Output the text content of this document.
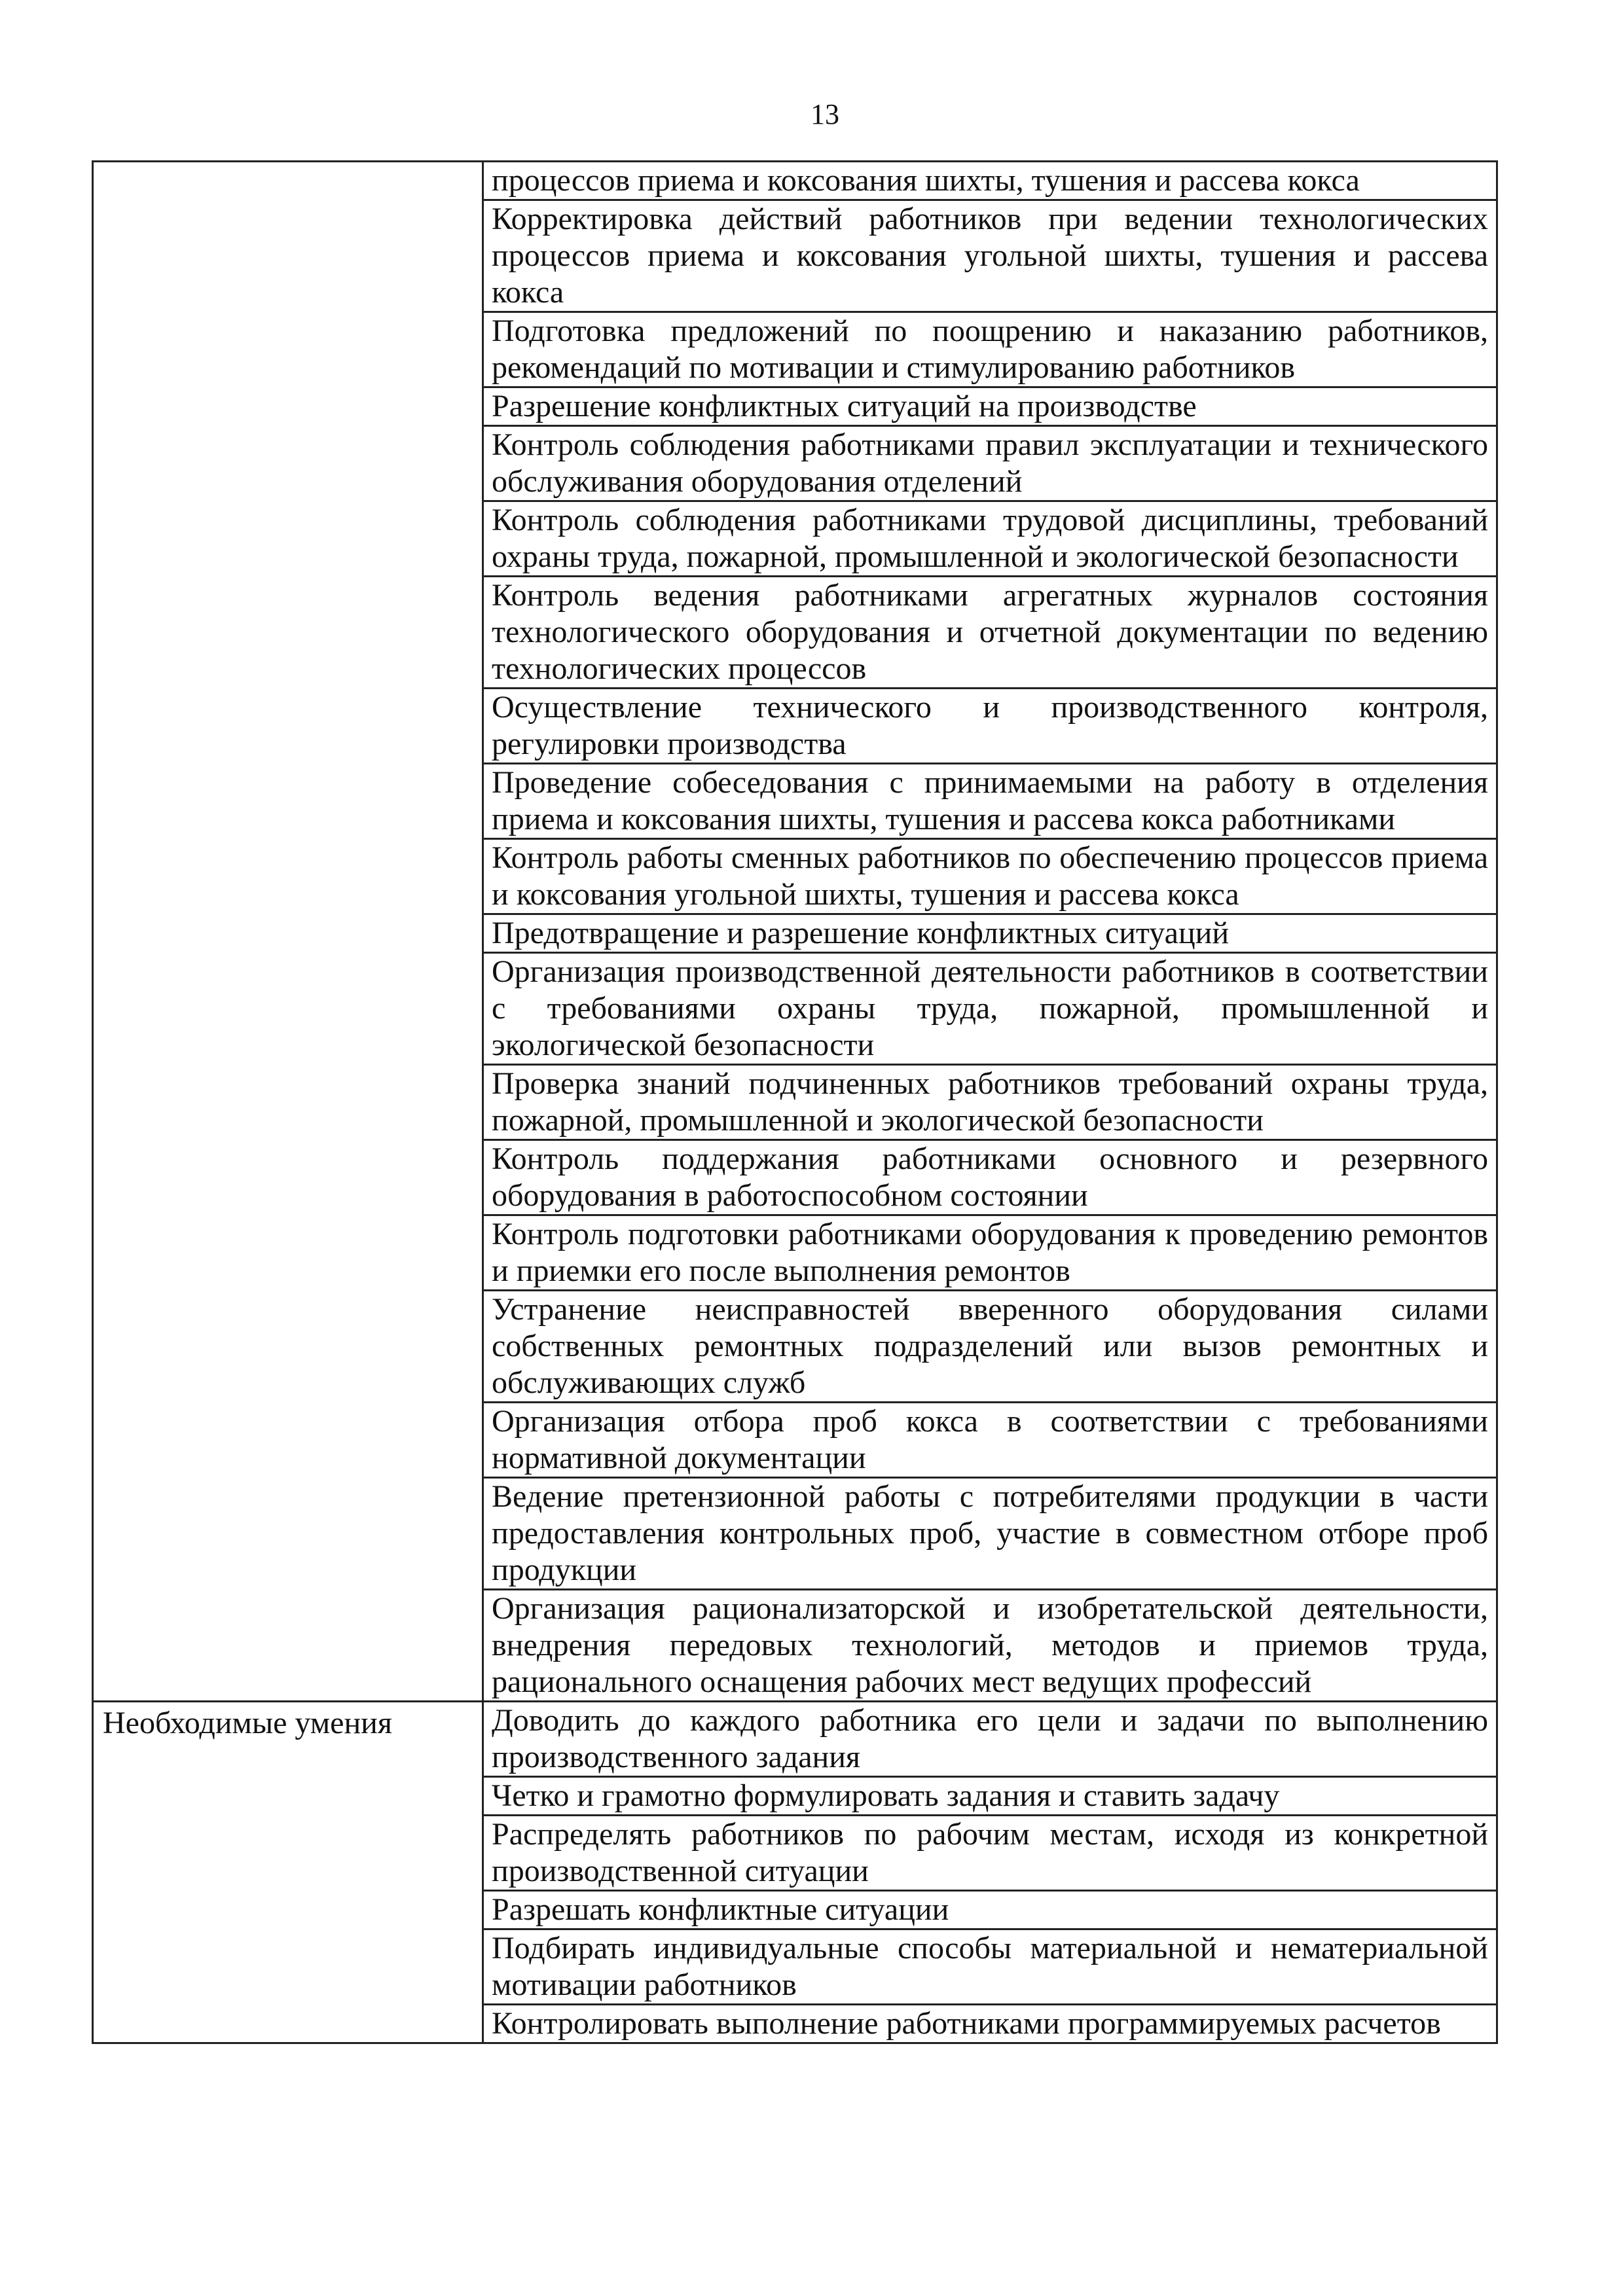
13
	процессов приема и коксования шихты, тушения и рассева кокса
	Корректировка действий работников при ведении технологических процессов приема и коксования угольной шихты, тушения и рассева кокса
	Подготовка предложений по поощрению и наказанию работников, рекомендаций по мотивации и стимулированию работников
	Разрешение конфликтных ситуаций на производстве
	Контроль соблюдения работниками правил эксплуатации и технического обслуживания оборудования отделений
	Контроль соблюдения работниками трудовой дисциплины, требований охраны труда, пожарной, промышленной и экологической безопасности
	Контроль ведения работниками агрегатных журналов состояния технологического оборудования и отчетной документации по ведению технологических процессов
	Осуществление технического и производственного контроля, регулировки производства
	Проведение собеседования с принимаемыми на работу в отделения приема и коксования шихты, тушения и рассева кокса работниками
	Контроль работы сменных работников по обеспечению процессов приема и коксования угольной шихты, тушения и рассева кокса
	Предотвращение и разрешение конфликтных ситуаций
	Организация производственной деятельности работников в соответствии с требованиями охраны труда, пожарной, промышленной и экологической безопасности
	Проверка знаний подчиненных работников требований охраны труда, пожарной, промышленной и экологической безопасности
	Контроль поддержания работниками основного и резервного оборудования в работоспособном состоянии
	Контроль подготовки работниками оборудования к проведению ремонтов и приемки его после выполнения ремонтов
	Устранение неисправностей вверенного оборудования силами собственных ремонтных подразделений или вызов ремонтных и обслуживающих служб
	Организация отбора проб кокса в соответствии с требованиями нормативной документации
	Ведение претензионной работы с потребителями продукции в части предоставления контрольных проб, участие в совместном отборе проб продукции
	Организация рационализаторской и изобретательской деятельности, внедрения передовых технологий, методов и приемов труда, рационального оснащения рабочих мест ведущих профессий
Необходимые умения	Доводить до каждого работника его цели и задачи по выполнению производственного задания
	Четко и грамотно формулировать задания и ставить задачу
	Распределять работников по рабочим местам, исходя из конкретной производственной ситуации
	Разрешать конфликтные ситуации
	Подбирать индивидуальные способы материальной и нематериальной мотивации работников
	Контролировать выполнение работниками программируемых расчетов
